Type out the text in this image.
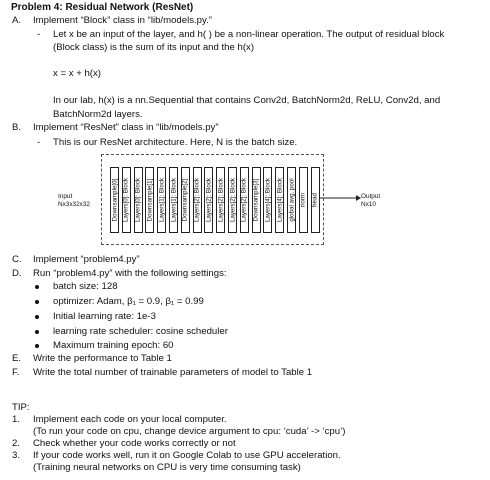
Problem 4: Residual Network (ResNet)
A. Implement “Block” class in “lib/models.py.”
- Let x be an input of the layer, and h( ) be a non-linear operation. The output of residual block
(Block class) is the sum of its input and the h(x)
x = x + h(x)
In our lab, h(x) is a nn.Sequential that contains Conv2d, BatchNorm2d, ReLU, Conv2d, and
BatchNorm2d layers.
B. Implement “ResNet” class in “lib/models.py”
- This is our ResNet architecture. Here, N is the batch size.
Input
Nx3x32x32
Output
Nx10
Downsample[0] Layers[0]: Block Layers[0]: Block Downsample[1] Layers[1]: Block Layers[1]: Block Downsample[2] Layers[2]: Block Layers[2]: Block Layers[2]: Block Layers[2]: Block Layers[2]: Block Downsample[3] Layers[4]: Block Layers[4]: Block global avg. pool norm head
C. Implement “problem4.py”
D. Run “problem4.py” with the following settings:
batch size: 128
optimizer: Adam, β₁ = 0.9, β₁ = 0.99
Initial learning rate: 1e-3
learning rate scheduler: cosine scheduler
Maximum training epoch: 60
E. Write the performance to Table 1
F. Write the total number of trainable parameters of model to Table 1
TIP:
1. Implement each code on your local computer.
(To run your code on cpu, change device argument to cpu: ‘cuda’ -> ‘cpu’)
2. Check whether your code works correctly or not
3. If your code works well, run it on Google Colab to use GPU acceleration.
(Training neural networks on CPU is very time consuming task)
